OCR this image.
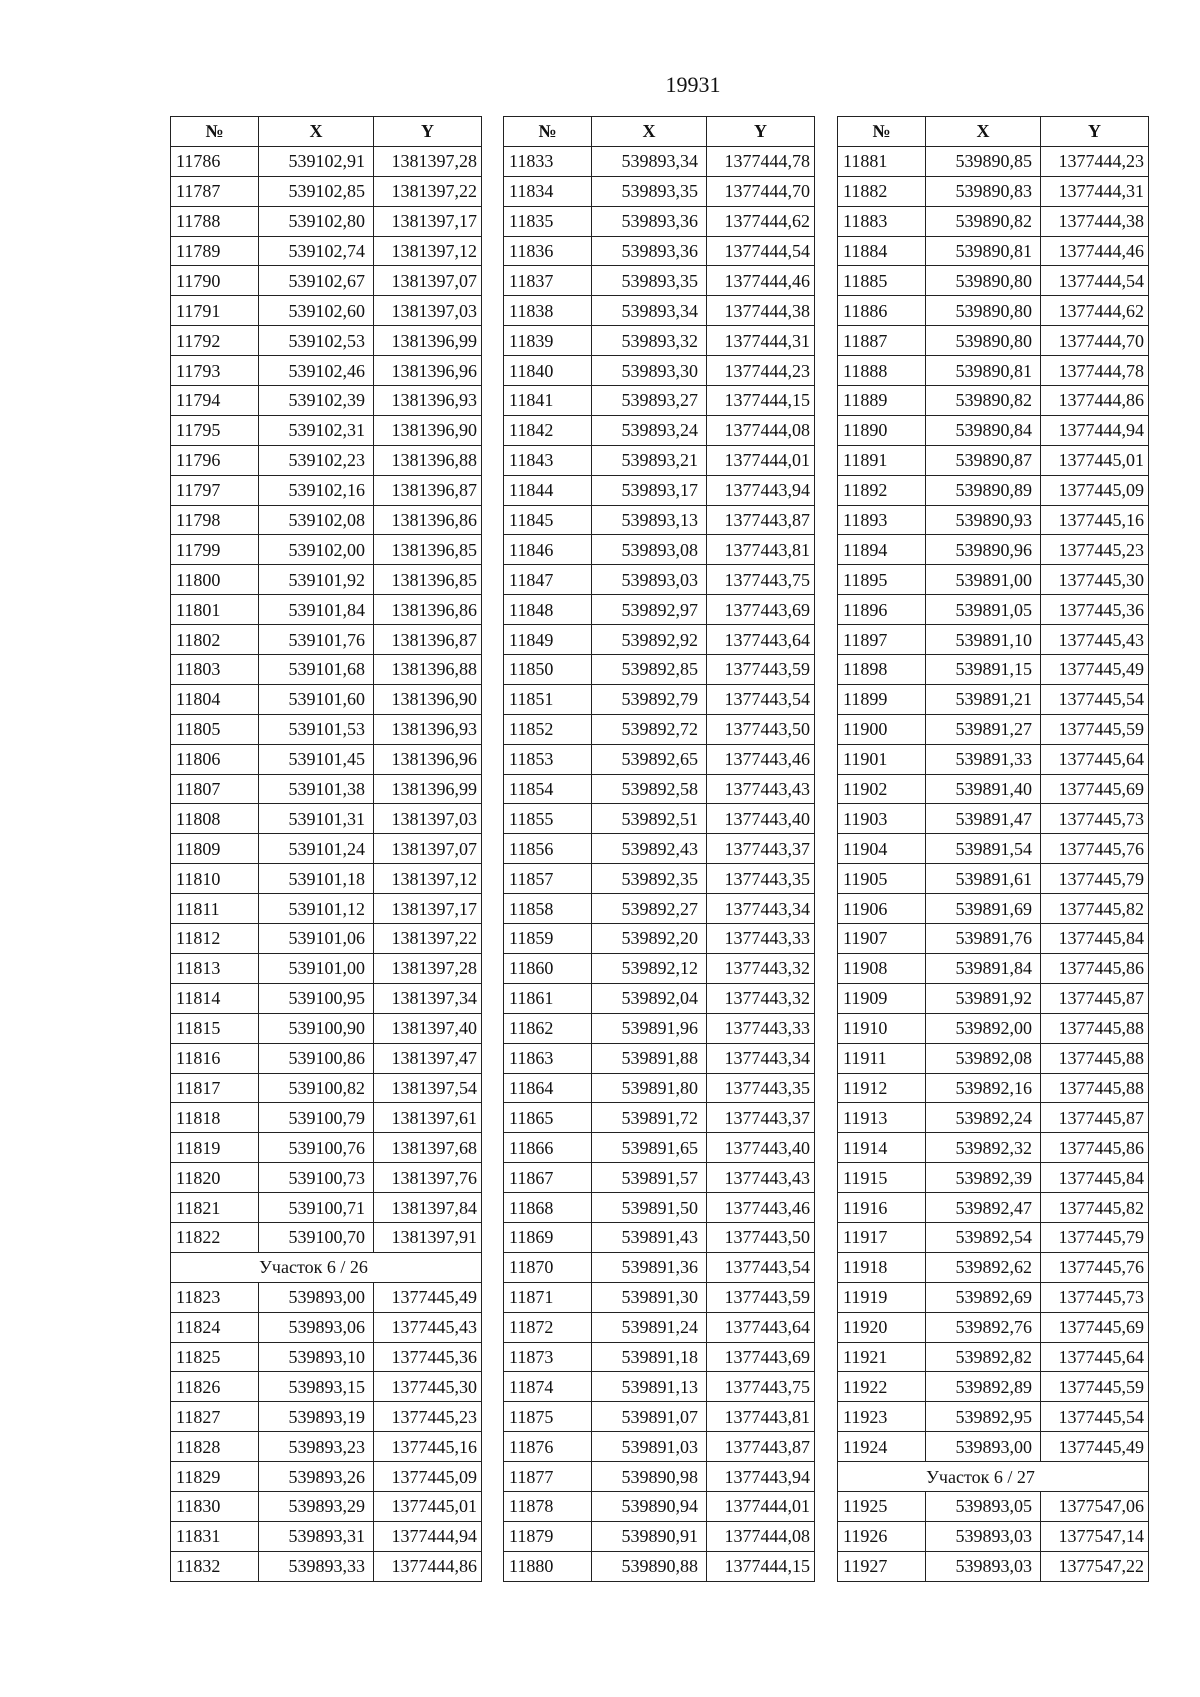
19931
№	X	Y
11786	539102,91	1381397,28
11787	539102,85	1381397,22
11788	539102,80	1381397,17
11789	539102,74	1381397,12
11790	539102,67	1381397,07
11791	539102,60	1381397,03
11792	539102,53	1381396,99
11793	539102,46	1381396,96
11794	539102,39	1381396,93
11795	539102,31	1381396,90
11796	539102,23	1381396,88
11797	539102,16	1381396,87
11798	539102,08	1381396,86
11799	539102,00	1381396,85
11800	539101,92	1381396,85
11801	539101,84	1381396,86
11802	539101,76	1381396,87
11803	539101,68	1381396,88
11804	539101,60	1381396,90
11805	539101,53	1381396,93
11806	539101,45	1381396,96
11807	539101,38	1381396,99
11808	539101,31	1381397,03
11809	539101,24	1381397,07
11810	539101,18	1381397,12
11811	539101,12	1381397,17
11812	539101,06	1381397,22
11813	539101,00	1381397,28
11814	539100,95	1381397,34
11815	539100,90	1381397,40
11816	539100,86	1381397,47
11817	539100,82	1381397,54
11818	539100,79	1381397,61
11819	539100,76	1381397,68
11820	539100,73	1381397,76
11821	539100,71	1381397,84
11822	539100,70	1381397,91
Участок 6 / 26		
11823	539893,00	1377445,49
11824	539893,06	1377445,43
11825	539893,10	1377445,36
11826	539893,15	1377445,30
11827	539893,19	1377445,23
11828	539893,23	1377445,16
11829	539893,26	1377445,09
11830	539893,29	1377445,01
11831	539893,31	1377444,94
11832	539893,33	1377444,86
№	X	Y
11833	539893,34	1377444,78
11834	539893,35	1377444,70
11835	539893,36	1377444,62
11836	539893,36	1377444,54
11837	539893,35	1377444,46
11838	539893,34	1377444,38
11839	539893,32	1377444,31
11840	539893,30	1377444,23
11841	539893,27	1377444,15
11842	539893,24	1377444,08
11843	539893,21	1377444,01
11844	539893,17	1377443,94
11845	539893,13	1377443,87
11846	539893,08	1377443,81
11847	539893,03	1377443,75
11848	539892,97	1377443,69
11849	539892,92	1377443,64
11850	539892,85	1377443,59
11851	539892,79	1377443,54
11852	539892,72	1377443,50
11853	539892,65	1377443,46
11854	539892,58	1377443,43
11855	539892,51	1377443,40
11856	539892,43	1377443,37
11857	539892,35	1377443,35
11858	539892,27	1377443,34
11859	539892,20	1377443,33
11860	539892,12	1377443,32
11861	539892,04	1377443,32
11862	539891,96	1377443,33
11863	539891,88	1377443,34
11864	539891,80	1377443,35
11865	539891,72	1377443,37
11866	539891,65	1377443,40
11867	539891,57	1377443,43
11868	539891,50	1377443,46
11869	539891,43	1377443,50
11870	539891,36	1377443,54
11871	539891,30	1377443,59
11872	539891,24	1377443,64
11873	539891,18	1377443,69
11874	539891,13	1377443,75
11875	539891,07	1377443,81
11876	539891,03	1377443,87
11877	539890,98	1377443,94
11878	539890,94	1377444,01
11879	539890,91	1377444,08
11880	539890,88	1377444,15
№	X	Y
11881	539890,85	1377444,23
11882	539890,83	1377444,31
11883	539890,82	1377444,38
11884	539890,81	1377444,46
11885	539890,80	1377444,54
11886	539890,80	1377444,62
11887	539890,80	1377444,70
11888	539890,81	1377444,78
11889	539890,82	1377444,86
11890	539890,84	1377444,94
11891	539890,87	1377445,01
11892	539890,89	1377445,09
11893	539890,93	1377445,16
11894	539890,96	1377445,23
11895	539891,00	1377445,30
11896	539891,05	1377445,36
11897	539891,10	1377445,43
11898	539891,15	1377445,49
11899	539891,21	1377445,54
11900	539891,27	1377445,59
11901	539891,33	1377445,64
11902	539891,40	1377445,69
11903	539891,47	1377445,73
11904	539891,54	1377445,76
11905	539891,61	1377445,79
11906	539891,69	1377445,82
11907	539891,76	1377445,84
11908	539891,84	1377445,86
11909	539891,92	1377445,87
11910	539892,00	1377445,88
11911	539892,08	1377445,88
11912	539892,16	1377445,88
11913	539892,24	1377445,87
11914	539892,32	1377445,86
11915	539892,39	1377445,84
11916	539892,47	1377445,82
11917	539892,54	1377445,79
11918	539892,62	1377445,76
11919	539892,69	1377445,73
11920	539892,76	1377445,69
11921	539892,82	1377445,64
11922	539892,89	1377445,59
11923	539892,95	1377445,54
11924	539893,00	1377445,49
Участок 6 / 27		
11925	539893,05	1377547,06
11926	539893,03	1377547,14
11927	539893,03	1377547,22
